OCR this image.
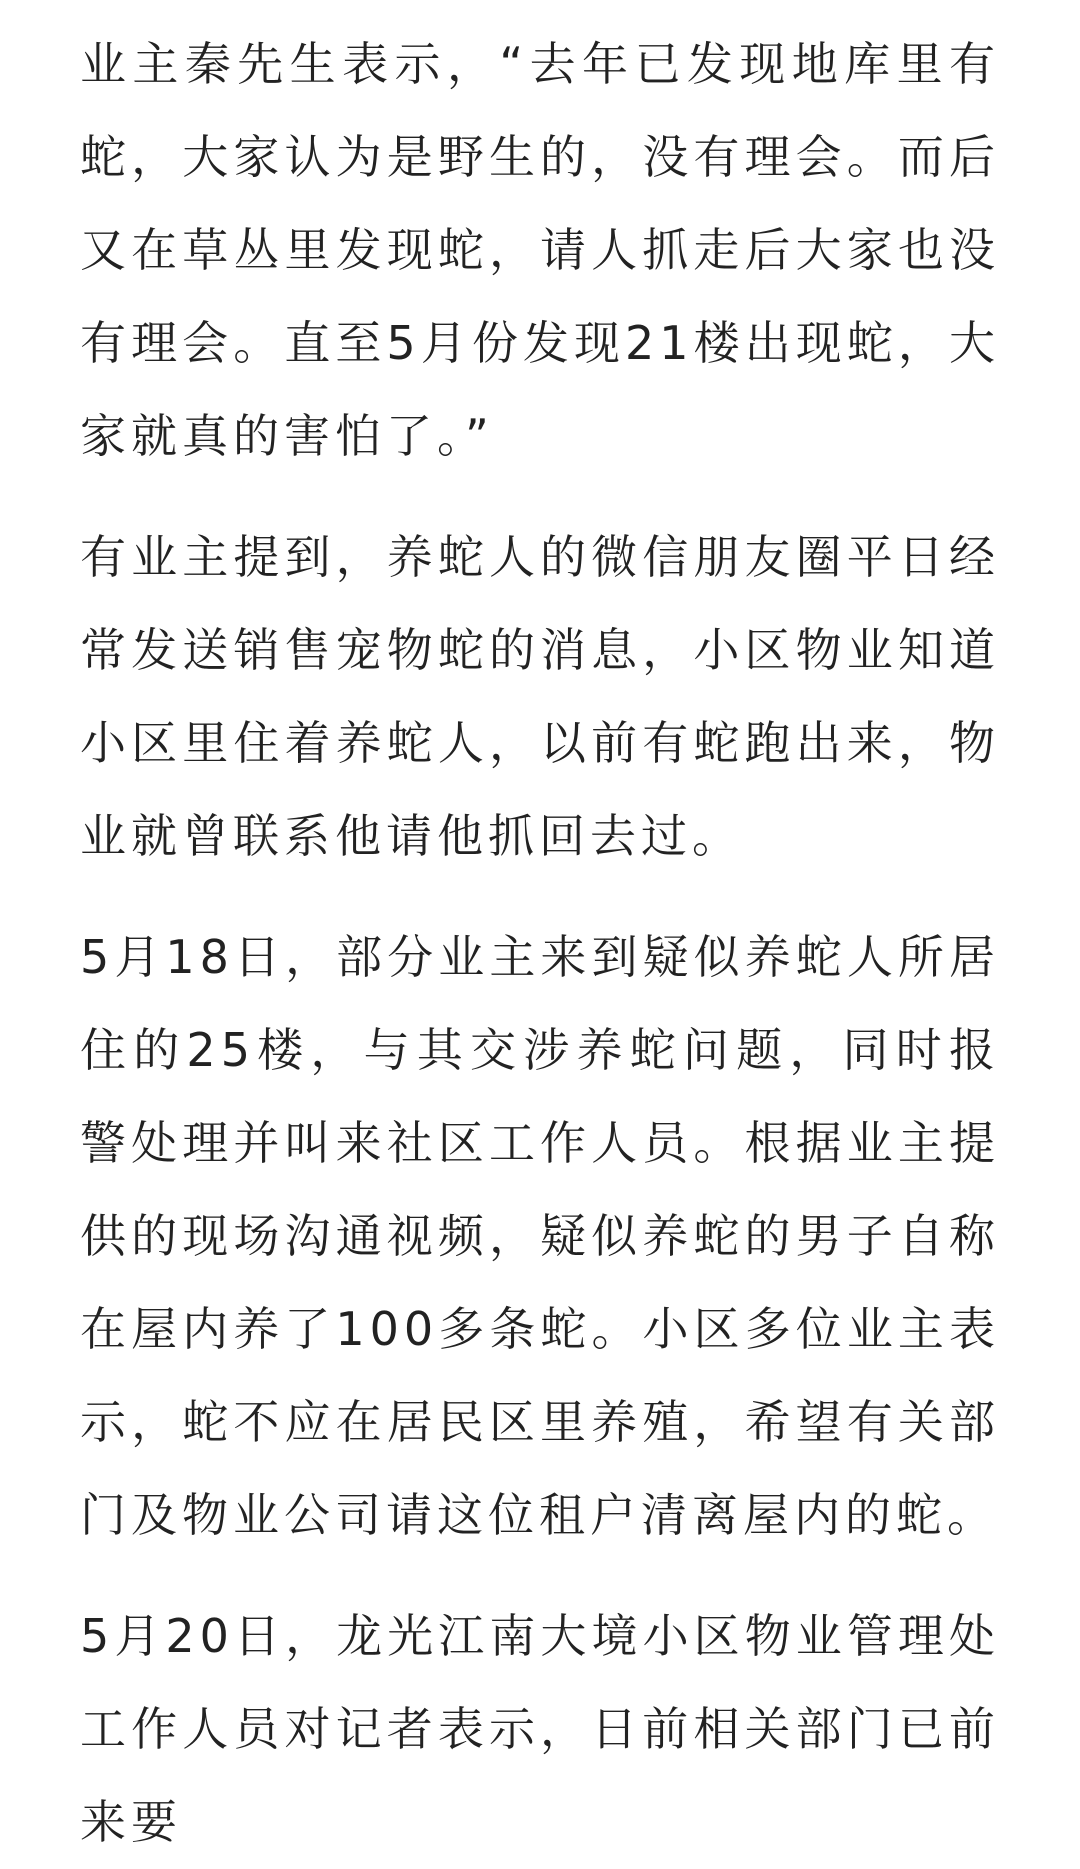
业主秦先生表示，“去年已发现地库里有蛇，大家认为是野生的，没有理会。而后又在草丛里发现蛇，请人抓走后大家也没有理会。直至5月份发现21楼出现蛇，大家就真的害怕了。”

有业主提到，养蛇人的微信朋友圈平日经常发送销售宠物蛇的消息，小区物业知道小区里住着养蛇人，以前有蛇跑出来，物业就曾联系他请他抓回去过。

5月18日，部分业主来到疑似养蛇人所居住的25楼，与其交涉养蛇问题，同时报警处理并叫来社区工作人员。根据业主提供的现场沟通视频，疑似养蛇的男子自称在屋内养了100多条蛇。小区多位业主表示，蛇不应在居民区里养殖，希望有关部门及物业公司请这位租户清离屋内的蛇。

5月20日，龙光江南大境小区物业管理处工作人员对记者表示，日前相关部门已前来要
